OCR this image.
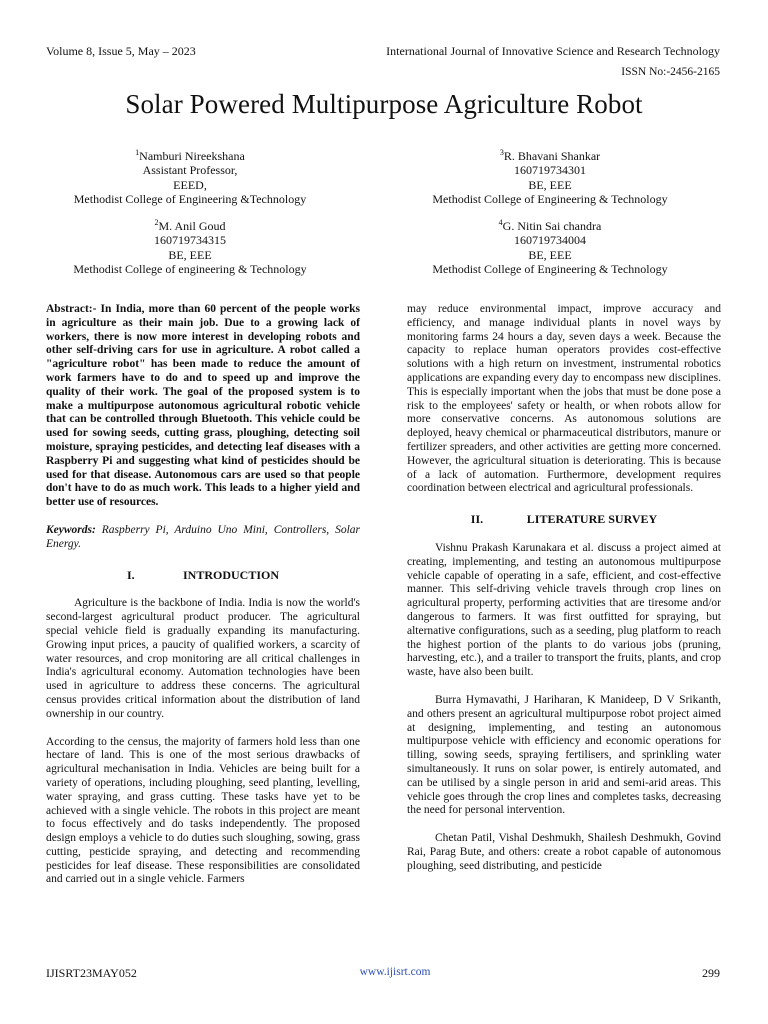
Volume 8, Issue 5, May – 2023	International Journal of Innovative Science and Research Technology
ISSN No:-2456-2165
Solar Powered Multipurpose Agriculture Robot
$^1$Namburi Nireekshana
Assistant Professor,
EEED,
Methodist College of Engineering &Technology
$^3$R. Bhavani Shankar
160719734301
BE, EEE
Methodist College of Engineering & Technology
$^2$M. Anil Goud
160719734315
BE, EEE
Methodist College of engineering & Technology
$^4$G. Nitin Sai chandra
160719734004
BE, EEE
Methodist College of Engineering & Technology

Abstract:- In India, more than 60 percent of the people works in agriculture as their main job. Due to a growing lack of workers, there is now more interest in developing robots and other self-driving cars for use in agriculture. A robot called a "agriculture robot" has been made to reduce the amount of work farmers have to do and to speed up and improve the quality of their work. The goal of the proposed system is to make a multipurpose autonomous agricultural robotic vehicle that can be controlled through Bluetooth. This vehicle could be used for sowing seeds, cutting grass, ploughing, detecting soil moisture, spraying pesticides, and detecting leaf diseases with a Raspberry Pi and suggesting what kind of pesticides should be used for that disease. Autonomous cars are used so that people don't have to do as much work. This leads to a higher yield and better use of resources.

Keywords: Raspberry Pi, Arduino Uno Mini, Controllers, Solar Energy.

I.	INTRODUCTION

Agriculture is the backbone of India. India is now the world's second-largest agricultural product producer. The agricultural special vehicle field is gradually expanding its manufacturing. Growing input prices, a paucity of qualified workers, a scarcity of water resources, and crop monitoring are all critical challenges in India's agricultural economy. Automation technologies have been used in agriculture to address these concerns. The agricultural census provides critical information about the distribution of land ownership in our country.

According to the census, the majority of farmers hold less than one hectare of land. This is one of the most serious drawbacks of agricultural mechanisation in India. Vehicles are being built for a variety of operations, including ploughing, seed planting, levelling, water spraying, and grass cutting. These tasks have yet to be achieved with a single vehicle. The robots in this project are meant to focus effectively and do tasks independently. The proposed design employs a vehicle to do duties such sloughing, sowing, grass cutting, pesticide spraying, and detecting and recommending pesticides for leaf disease. These responsibilities are consolidated and carried out in a single vehicle. Farmers

may reduce environmental impact, improve accuracy and efficiency, and manage individual plants in novel ways by monitoring farms 24 hours a day, seven days a week. Because the capacity to replace human operators provides cost-effective solutions with a high return on investment, instrumental robotics applications are expanding every day to encompass new disciplines. This is especially important when the jobs that must be done pose a risk to the employees' safety or health, or when robots allow for more conservative concerns. As autonomous solutions are deployed, heavy chemical or pharmaceutical distributors, manure or fertilizer spreaders, and other activities are getting more concerned. However, the agricultural situation is deteriorating. This is because of a lack of automation. Furthermore, development requires coordination between electrical and agricultural professionals.

II.	LITERATURE SURVEY

Vishnu Prakash Karunakara et al. discuss a project aimed at creating, implementing, and testing an autonomous multipurpose vehicle capable of operating in a safe, efficient, and cost-effective manner. This self-driving vehicle travels through crop lines on agricultural property, performing activities that are tiresome and/or dangerous to farmers. It was first outfitted for spraying, but alternative configurations, such as a seeding, plug platform to reach the highest portion of the plants to do various jobs (pruning, harvesting, etc.), and a trailer to transport the fruits, plants, and crop waste, have also been built.

Burra Hymavathi, J Hariharan, K Manideep, D V Srikanth, and others present an agricultural multipurpose robot project aimed at designing, implementing, and testing an autonomous multipurpose vehicle with efficiency and economic operations for tilling, sowing seeds, spraying fertilisers, and sprinkling water simultaneously. It runs on solar power, is entirely automated, and can be utilised by a single person in arid and semi-arid areas. This vehicle goes through the crop lines and completes tasks, decreasing the need for personal intervention.

Chetan Patil, Vishal Deshmukh, Shailesh Deshmukh, Govind Rai, Parag Bute, and others: create a robot capable of autonomous ploughing, seed distributing, and pesticide

IJISRT23MAY052	www.ijisrt.com	299
